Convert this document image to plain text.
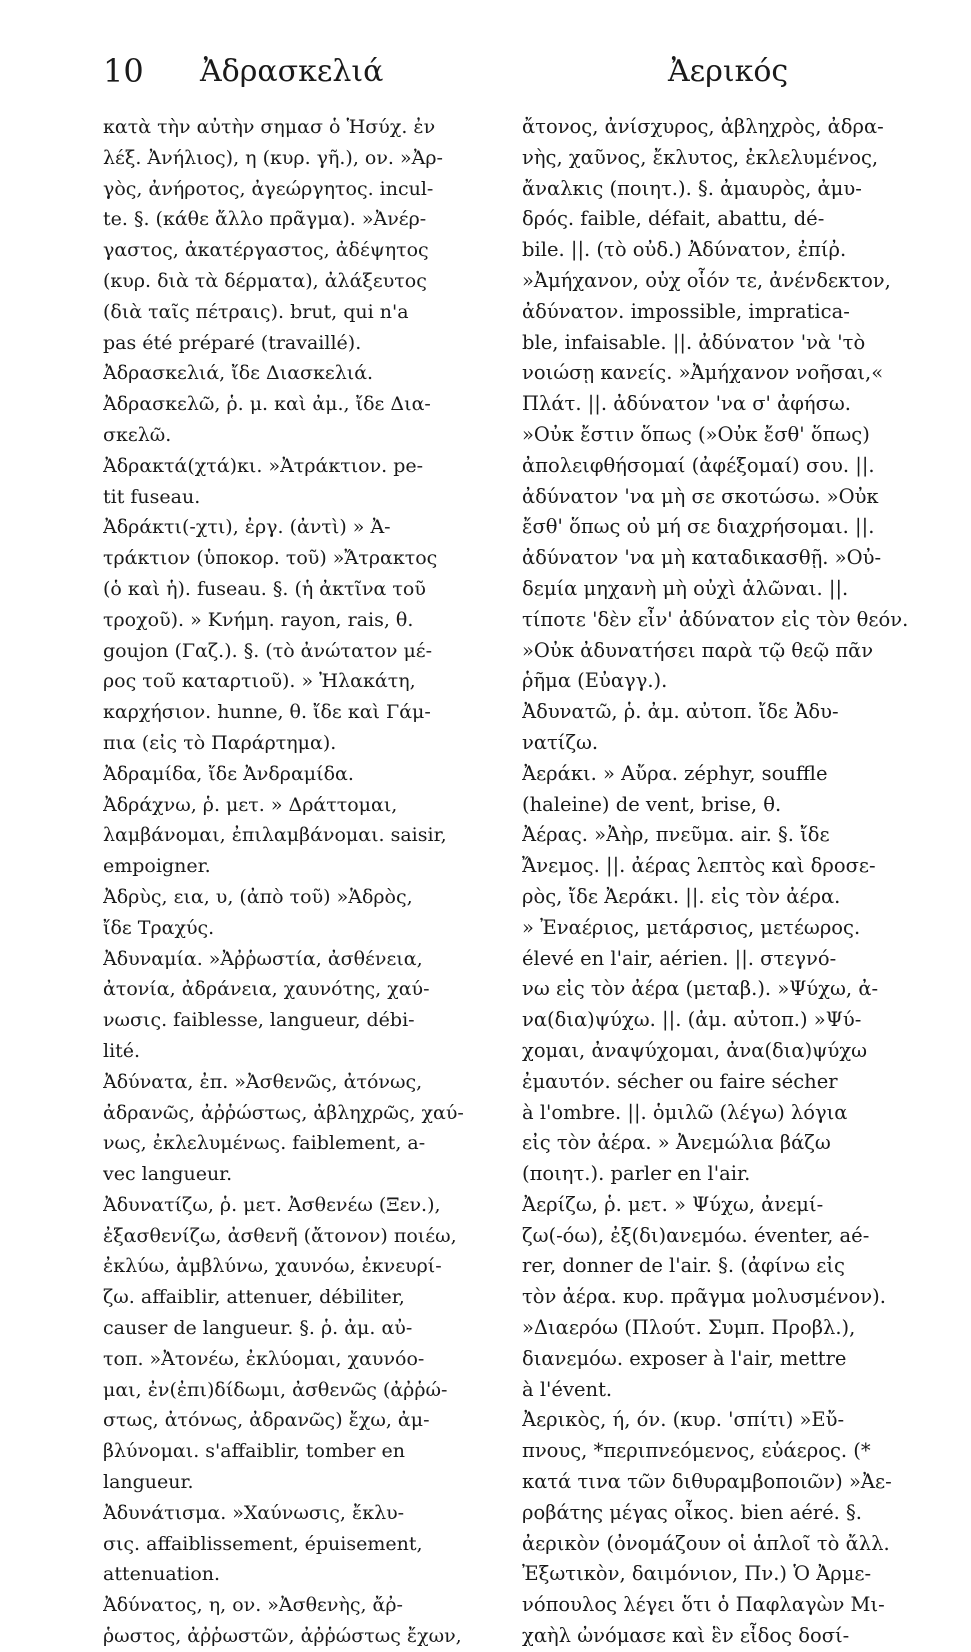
10 Ἀδρασκελιά	Ἀερικός
κατὰ τὴν αὐτὴν σημασ ὁ Ἡσύχ. ἐν
λέξ. Ἀνήλιος), η (κυρ. γῆ.), ον. »Ἀρ-
γὸς, ἀνήροτος, ἀγεώργητος. incul-
te. §. (κάθε ἄλλο πρᾶγμα). »Ἀνέρ-
γαστος, ἀκατέργαστος, ἀδέψητος
(κυρ. διὰ τὰ δέρματα), ἀλάξευτος
(διὰ ταῖς πέτραις). brut, qui n'a
pas été préparé (travaillé).
Ἀδρασκελιά, ἴδε Διασκελιά.
Ἀδρασκελῶ, ῥ. μ. καὶ ἀμ., ἴδε Δια-
σκελῶ.
Ἀδρακτά(χτά)κι. »Ἀτράκτιον. pe-
tit fuseau.
Ἀδράκτι(-χτι), ἐργ. (ἀντὶ) » Ἀ-
τράκτιον (ὑποκορ. τοῦ) »Ἄτρακτος
(ὁ καὶ ἡ). fuseau. §. (ἡ ἀκτῖνα τοῦ
τροχοῦ). » Κνήμη. rayon, rais, θ.
goujon (Γαζ.). §. (τὸ ἀνώτατον μέ-
ρος τοῦ καταρτιοῦ). » Ἠλακάτη,
καρχήσιον. hunne, θ. ἴδε καὶ Γάμ-
πια (εἰς τὸ Παράρτημα).
Ἀδραμίδα, ἴδε Ἀνδραμίδα.
Ἀδράχνω, ῥ. μετ. » Δράττομαι,
λαμβάνομαι, ἐπιλαμβάνομαι. saisir,
empoigner.
Ἀδρὺς, εια, υ, (ἀπὸ τοῦ) »Ἁδρὸς,
ἴδε Τραχύς.
Ἀδυναμία. »Ἀῤῥωστία, ἀσθένεια,
ἀτονία, ἀδράνεια, χαυνότης, χαύ-
νωσις. faiblesse, langueur, débi-
lité.
Ἀδύνατα, ἐπ. »Ἀσθενῶς, ἀτόνως,
ἀδρανῶς, ἀῤῥώστως, ἀβληχρῶς, χαύ-
νως, ἐκλελυμένως. faiblement, a-
vec langueur.
Ἀδυνατίζω, ῥ. μετ. Ἀσθενέω (Ξεν.),
ἐξασθενίζω, ἀσθενῆ (ἄτονον) ποιέω,
ἐκλύω, ἀμβλύνω, χαυνόω, ἐκνευρί-
ζω. affaiblir, attenuer, débiliter,
causer de langueur. §. ῥ. ἀμ. αὐ-
τοπ. »Ἀτονέω, ἐκλύομαι, χαυνόο-
μαι, ἐν(ἐπι)δίδωμι, ἀσθενῶς (ἀῤῥώ-
στως, ἀτόνως, ἀδρανῶς) ἔχω, ἀμ-
βλύνομαι. s'affaiblir, tomber en
langueur.
Ἀδυνάτισμα. »Χαύνωσις, ἔκλυ-
σις. affaiblissement, épuisement,
attenuation.
Ἀδύνατος, η, ον. »Ἀσθενὴς, ἄῤ-
ῥωστος, ἀῤῥωστῶν, ἀῤῥώστως ἔχων,
ἄτονος, ἀνίσχυρος, ἀβληχρὸς, ἀδρα-
νὴς, χαῦνος, ἔκλυτος, ἐκλελυμένος,
ἄναλκις (ποιητ.). §. ἀμαυρὸς, ἀμυ-
δρός. faible, défait, abattu, dé-
bile. ||. (τὸ οὐδ.) Ἀδύνατον, ἐπίῤ.
»Ἀμήχανον, οὐχ οἷόν τε, ἀνένδεκτον,
ἀδύνατον. impossible, impratica-
ble, infaisable. ||. ἀδύνατον 'νὰ 'τὸ
νοιώσῃ κανείς. »Ἀμήχανον νοῆσαι,«
Πλάτ. ||. ἀδύνατον 'να σ' ἀφήσω.
»Οὐκ ἔστιν ὅπως (»Οὐκ ἔσθ' ὅπως)
ἀπολειφθήσομαί (ἀφέξομαί) σου. ||.
ἀδύνατον 'να μὴ σε σκοτώσω. »Οὐκ
ἔσθ' ὅπως οὐ μή σε διαχρήσομαι. ||.
ἀδύνατον 'να μὴ καταδικασθῇ. »Οὐ-
δεμία μηχανὴ μὴ οὐχὶ ἁλῶναι. ||.
τίποτε 'δὲν εἶν' ἀδύνατον εἰς τὸν θεόν.
»Οὐκ ἀδυνατήσει παρὰ τῷ θεῷ πᾶν
ῥῆμα (Εὐαγγ.).
Ἀδυνατῶ, ῥ. ἀμ. αὐτοπ. ἴδε Ἀδυ-
νατίζω.
Ἀεράκι. » Αὔρα. zéphyr, souffle
(haleine) de vent, brise, θ.
Ἀέρας. »Ἀὴρ, πνεῦμα. air. §. ἴδε
Ἄνεμος. ||. ἀέρας λεπτὸς καὶ δροσε-
ρὸς, ἴδε Ἀεράκι. ||. εἰς τὸν ἀέρα.
» Ἐναέριος, μετάρσιος, μετέωρος.
élevé en l'air, aérien. ||. στεγνό-
νω εἰς τὸν ἀέρα (μεταβ.). »Ψύχω, ἀ-
να(δια)ψύχω. ||. (ἀμ. αὐτοπ.) »Ψύ-
χομαι, ἀναψύχομαι, ἀνα(δια)ψύχω
ἐμαυτόν. sécher ou faire sécher
à l'ombre. ||. ὁμιλῶ (λέγω) λόγια
εἰς τὸν ἀέρα. » Ἀνεμώλια βάζω
(ποιητ.). parler en l'air.
Ἀερίζω, ῥ. μετ. » Ψύχω, ἀνεμί-
ζω(-όω), ἐξ(δι)ανεμόω. éventer, aé-
rer, donner de l'air. §. (ἀφίνω εἰς
τὸν ἀέρα. κυρ. πρᾶγμα μολυσμένον).
»Διαερόω (Πλούτ. Συμπ. Προβλ.),
διανεμόω. exposer à l'air, mettre
à l'évent.
Ἀερικὸς, ή, όν. (κυρ. 'σπίτι) »Εὔ-
πνους, *περιπνεόμενος, εὐάερος. (*
κατά τινα τῶν διθυραμβοποιῶν) »Ἀε-
ροβάτης μέγας οἶκος. bien aéré. §.
ἀερικὸν (ὀνομάζουν οἱ ἁπλοῖ τὸ ἄλλ.
Ἐξωτικὸν, δαιμόνιον, Πν.) Ὁ Ἀρμε-
νόπουλος λέγει ὅτι ὁ Παφλαγὼν Μι-
χαὴλ ὠνόμασε καὶ ἓν εἶδος δοσί-
